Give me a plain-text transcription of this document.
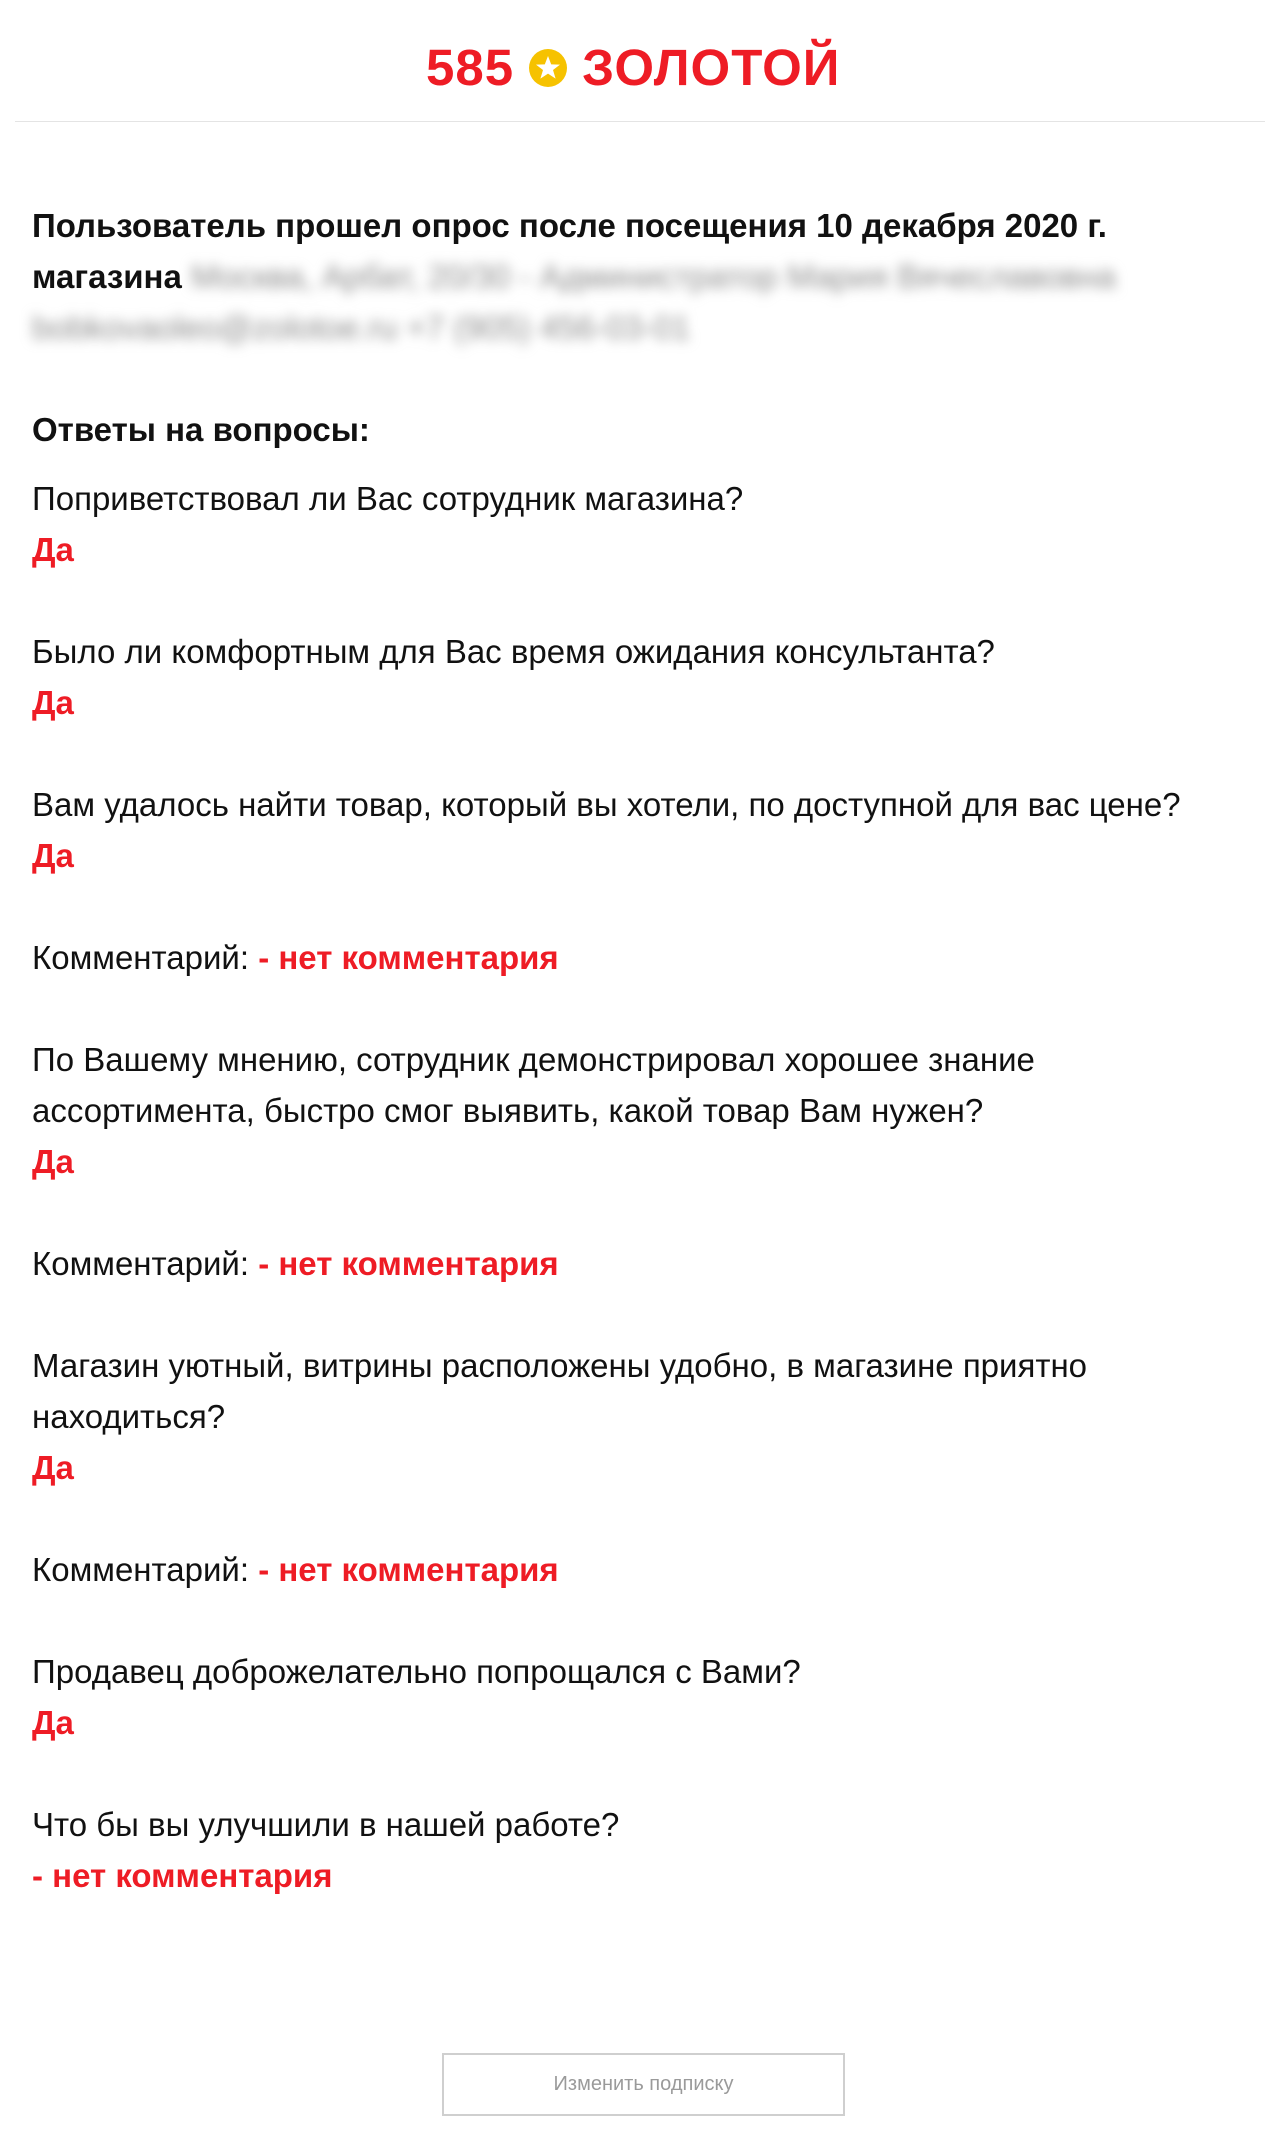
585 ЗОЛОТОЙ

Пользователь прошел опрос после посещения 10 декабря 2020 г. магазина Москва, Арбат, 20/30 - Администратор Мария Вячеславовна bobkovaoleo@zolotoe.ru +7 (905) 456-03-01

Ответы на вопросы:
Поприветствовал ли Вас сотрудник магазина?
Да
Было ли комфортным для Вас время ожидания консультанта?
Да
Вам удалось найти товар, который вы хотели, по доступной для вас цене?
Да
Комментарий: - нет комментария
По Вашему мнению, сотрудник демонстрировал хорошее знание ассортимента, быстро смог выявить, какой товар Вам нужен?
Да
Комментарий: - нет комментария
Магазин уютный, витрины расположены удобно, в магазине приятно находиться?
Да
Комментарий: - нет комментария
Продавец доброжелательно попрощался с Вами?
Да
Что бы вы улучшили в нашей работе?
- нет комментария
Изменить подписку
